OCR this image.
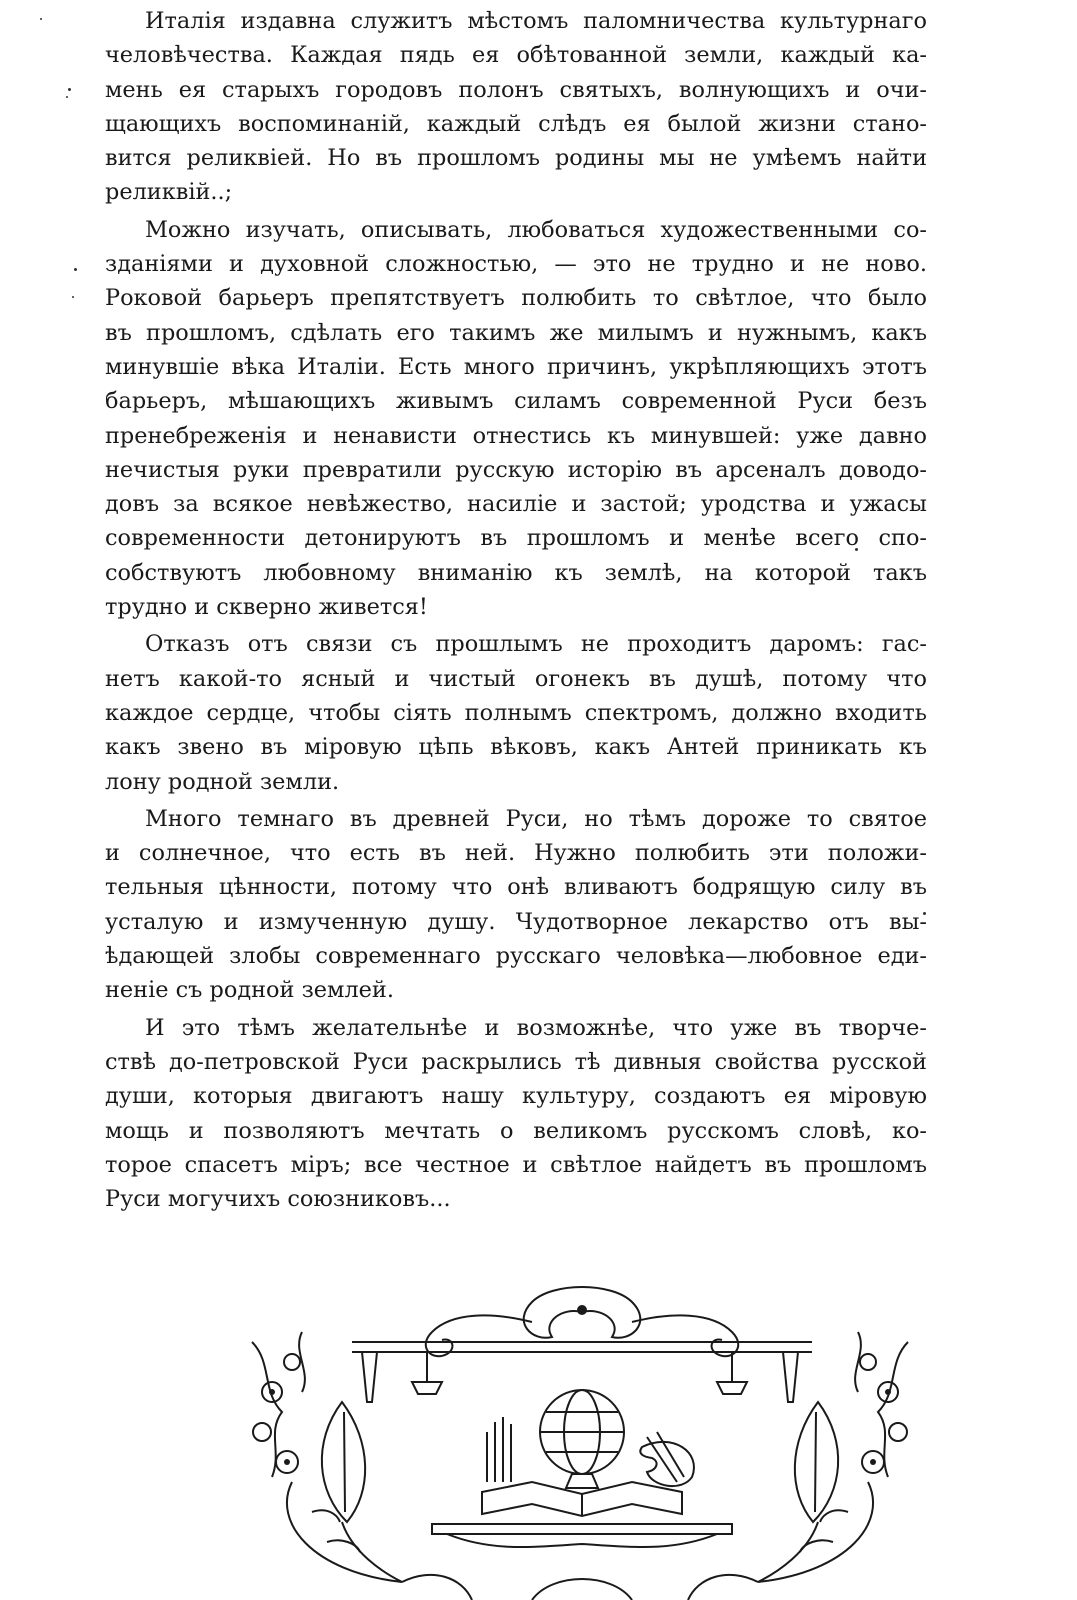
Италія издавна служитъ мѣстомъ паломничества культурнаго
человѣчества. Каждая пядь ея обѣтованной земли, каждый ка-
мень ея старыхъ городовъ полонъ святыхъ, волнующихъ и очи-
щающихъ воспоминаній, каждый слѣдъ ея былой жизни стано-
вится реликвіей. Но въ прошломъ родины мы не умѣемъ найти
реликвій..;

Можно изучать, описывать, любоваться художественными со-
зданіями и духовной сложностью, — это не трудно и не ново.
Роковой барьеръ препятствуетъ полюбить то свѣтлое, что было
въ прошломъ, сдѣлать его такимъ же милымъ и нужнымъ, какъ
минувшіе вѣка Италіи. Есть много причинъ, укрѣпляющихъ этотъ
барьеръ, мѣшающихъ живымъ силамъ современной Руси безъ
пренебреженія и ненависти отнестись къ минувшей: уже давно
нечистыя руки превратили русскую исторію въ арсеналъ доводо-
довъ за всякое невѣжество, насиліе и застой; уродства и ужасы
современности детонируютъ въ прошломъ и менѣе всего спо-
собствуютъ любовному вниманію къ землѣ, на которой такъ
трудно и скверно живется!

Отказъ отъ связи съ прошлымъ не проходитъ даромъ: гас-
нетъ какой-то ясный и чистый огонекъ въ душѣ, потому что
каждое сердце, чтобы сіять полнымъ спектромъ, должно входить
какъ звено въ міровую цѣпь вѣковъ, какъ Антей приникать къ
лону родной земли.

Много темнаго въ древней Руси, но тѣмъ дороже то святое
и солнечное, что есть въ ней. Нужно полюбить эти положи-
тельныя цѣнности, потому что онѣ вливаютъ бодрящую силу въ
усталую и измученную душу. Чудотворное лекарство отъ вы-
ѣдающей злобы современнаго русскаго человѣка—любовное еди-
неніе съ родной землей.

И это тѣмъ желательнѣе и возможнѣе, что уже въ творче-
ствѣ до-петровской Руси раскрылись тѣ дивныя свойства русской
души, которыя двигаютъ нашу культуру, создаютъ ея міровую
мощь и позволяютъ мечтать о великомъ русскомъ словѣ, ко-
торое спасетъ міръ; все честное и свѣтлое найдетъ въ прошломъ
Руси могучихъ союзниковъ...
